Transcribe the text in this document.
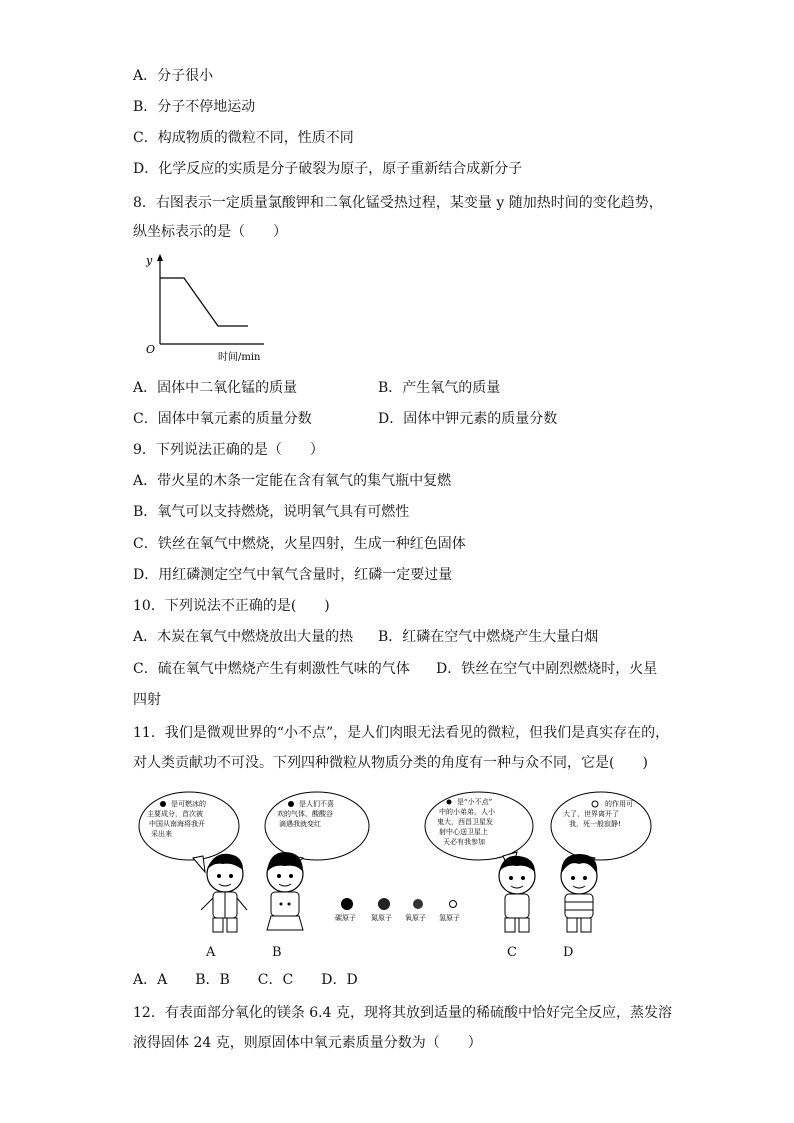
A．分子很小
B．分子不停地运动
C．构成物质的微粒不同，性质不同
D．化学反应的实质是分子破裂为原子，原子重新结合成新分子
8．右图表示一定质量氯酸钾和二氧化锰受热过程，某变量 y 随加热时间的变化趋势，
纵坐标表示的是（　　）
y
O
时间/min
A．固体中二氧化锰的质量	B．产生氧气的质量
C．固体中氧元素的质量分数	D．固体中钾元素的质量分数
9．下列说法正确的是（　　）
A．带火星的木条一定能在含有氧气的集气瓶中复燃
B．氧气可以支持燃烧，说明氧气具有可燃性
C．铁丝在氧气中燃烧，火星四射，生成一种红色固体
D．用红磷测定空气中氧气含量时，红磷一定要过量
10．下列说法不正确的是(　　)
A．木炭在氧气中燃烧放出大量的热 B．红磷在空气中燃烧产生大量白烟
C．硫在氧气中燃烧产生有刺激性气味的气体 D．铁丝在空气中剧烈燃烧时，火星
四射
11．我们是微观世界的“小不点”，是人们肉眼无法看见的微粒，但我们是真实存在的，
对人类贡献功不可没。下列四种微粒从物质分类的角度有一种与众不同，它是(　　)
是可燃冰的
主要成分，首次被
中国从南海将我开
采出来
是人们不喜
欢的气体，酸酸谷
滴遇我就变红
是“小不点”
中的小弟弟，人小
鬼大，西昌卫星发
射中心送卫星上
天必有我参加
的作用可
大了，世界离开了
我，死一般寂静!
碳原子 氮原子 氧原子 氢原子
A	B	C	D
A．A　　B．B　　C．C　　D．D
12．有表面部分氧化的镁条 6.4 克，现将其放到适量的稀硫酸中恰好完全反应，蒸发溶
液得固体 24 克，则原固体中氧元素质量分数为（　　）
